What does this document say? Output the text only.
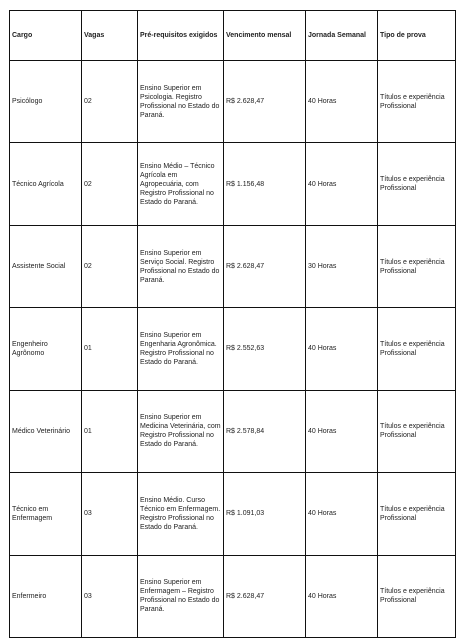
Cargo	Vagas	Pré-requisitos exigidos	Vencimento mensal	Jornada Semanal	Tipo de prova
Psicólogo	02	Ensino Superior em Psicologia. Registro Profissional no Estado do Paraná.	R$ 2.628,47	40 Horas	Títulos e experiência Profissional
Técnico Agrícola	02	Ensino Médio – Técnico Agrícola em Agropecuária, com Registro Profissional no Estado do Paraná.	R$ 1.156,48	40 Horas	Títulos e experiência Profissional
Assistente Social	02	Ensino Superior em Serviço Social. Registro Profissional no Estado do Paraná.	R$ 2.628,47	30 Horas	Títulos e experiência Profissional
Engenheiro Agrônomo	01	Ensino Superior em Engenharia Agronômica. Registro Profissional no Estado do Paraná.	R$ 2.552,63	40 Horas	Títulos e experiência Profissional
Médico Veterinário	01	Ensino Superior em Medicina Veterinária, com Registro Profissional no Estado do Paraná.	R$ 2.578,84	40 Horas	Títulos e experiência Profissional
Técnico em Enfermagem	03	Ensino Médio. Curso Técnico em Enfermagem. Registro Profissional no Estado do Paraná.	R$ 1.091,03	40 Horas	Títulos e experiência Profissional
Enfermeiro	03	Ensino Superior em Enfermagem – Registro Profissional no Estado do Paraná.	R$ 2.628,47	40 Horas	Títulos e experiência Profissional
